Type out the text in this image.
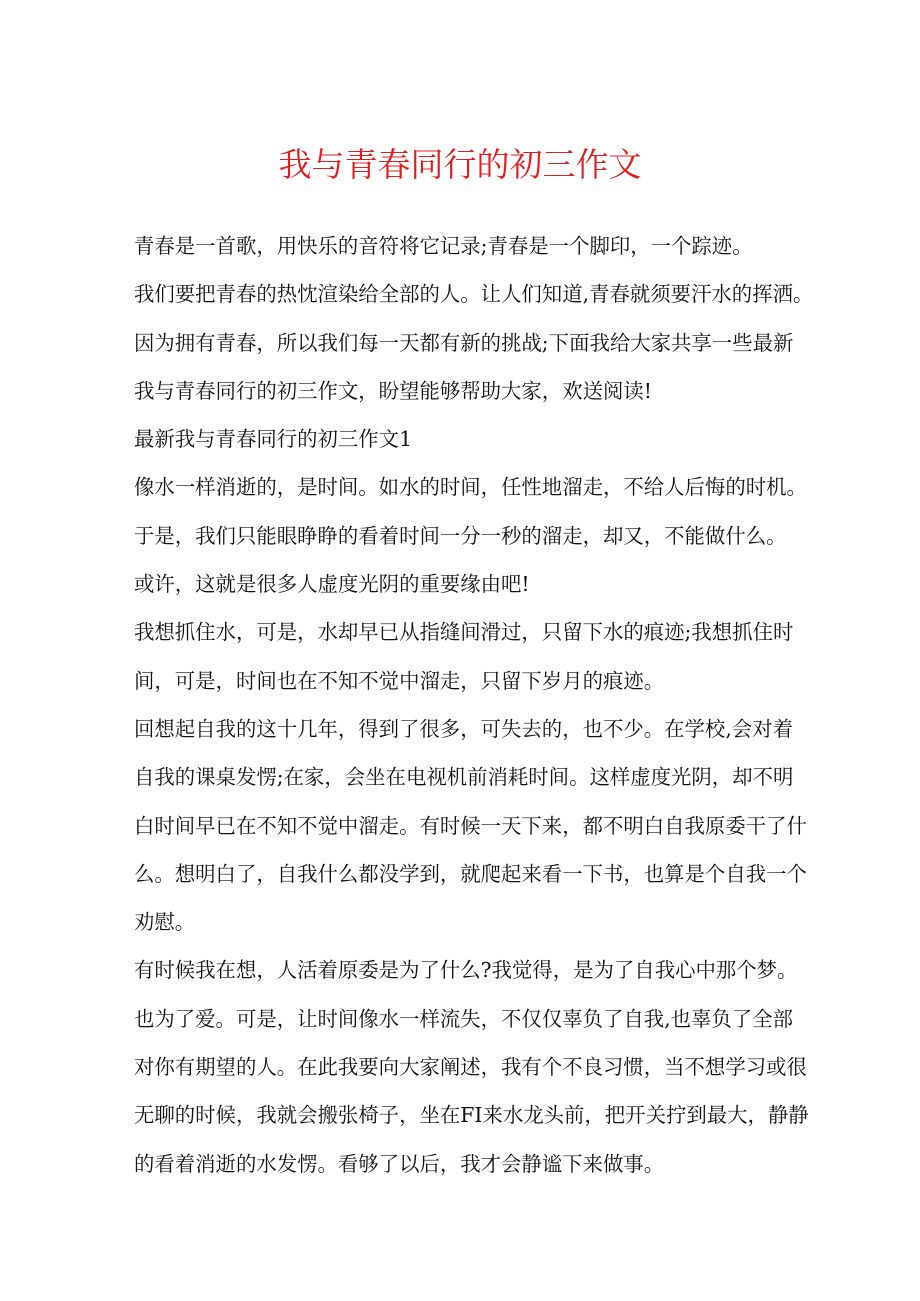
我与青春同行的初三作文
青春是一首歌，用快乐的音符将它记录;青春是一个脚印，一个踪迹。
我们要把青春的热忱渲染给全部的人。让人们知道,青春就须要汗水的挥洒。
因为拥有青春，所以我们每一天都有新的挑战;下面我给大家共享一些最新
我与青春同行的初三作文，盼望能够帮助大家，欢送阅读!
最新我与青春同行的初三作文1
像水一样消逝的，是时间。如水的时间，任性地溜走，不给人后悔的时机。
于是，我们只能眼睁睁的看着时间一分一秒的溜走，却又，不能做什么。
或许，这就是很多人虚度光阴的重要缘由吧!
我想抓住水，可是，水却早已从指缝间滑过，只留下水的痕迹;我想抓住时
间，可是，时间也在不知不觉中溜走，只留下岁月的痕迹。
回想起自我的这十几年，得到了很多，可失去的，也不少。在学校,会对着
自我的课桌发愣;在家，会坐在电视机前消耗时间。这样虚度光阴，却不明
白时间早已在不知不觉中溜走。有时候一天下来，都不明白自我原委干了什
么。想明白了，自我什么都没学到，就爬起来看一下书，也算是个自我一个
劝慰。
有时候我在想，人活着原委是为了什么?我觉得，是为了自我心中那个梦。
也为了爱。可是，让时间像水一样流失，不仅仅辜负了自我,也辜负了全部
对你有期望的人。在此我要向大家阐述，我有个不良习惯，当不想学习或很
无聊的时候，我就会搬张椅子，坐在FI来水龙头前，把开关拧到最大，静静
的看着消逝的水发愣。看够了以后，我才会静谧下来做事。
